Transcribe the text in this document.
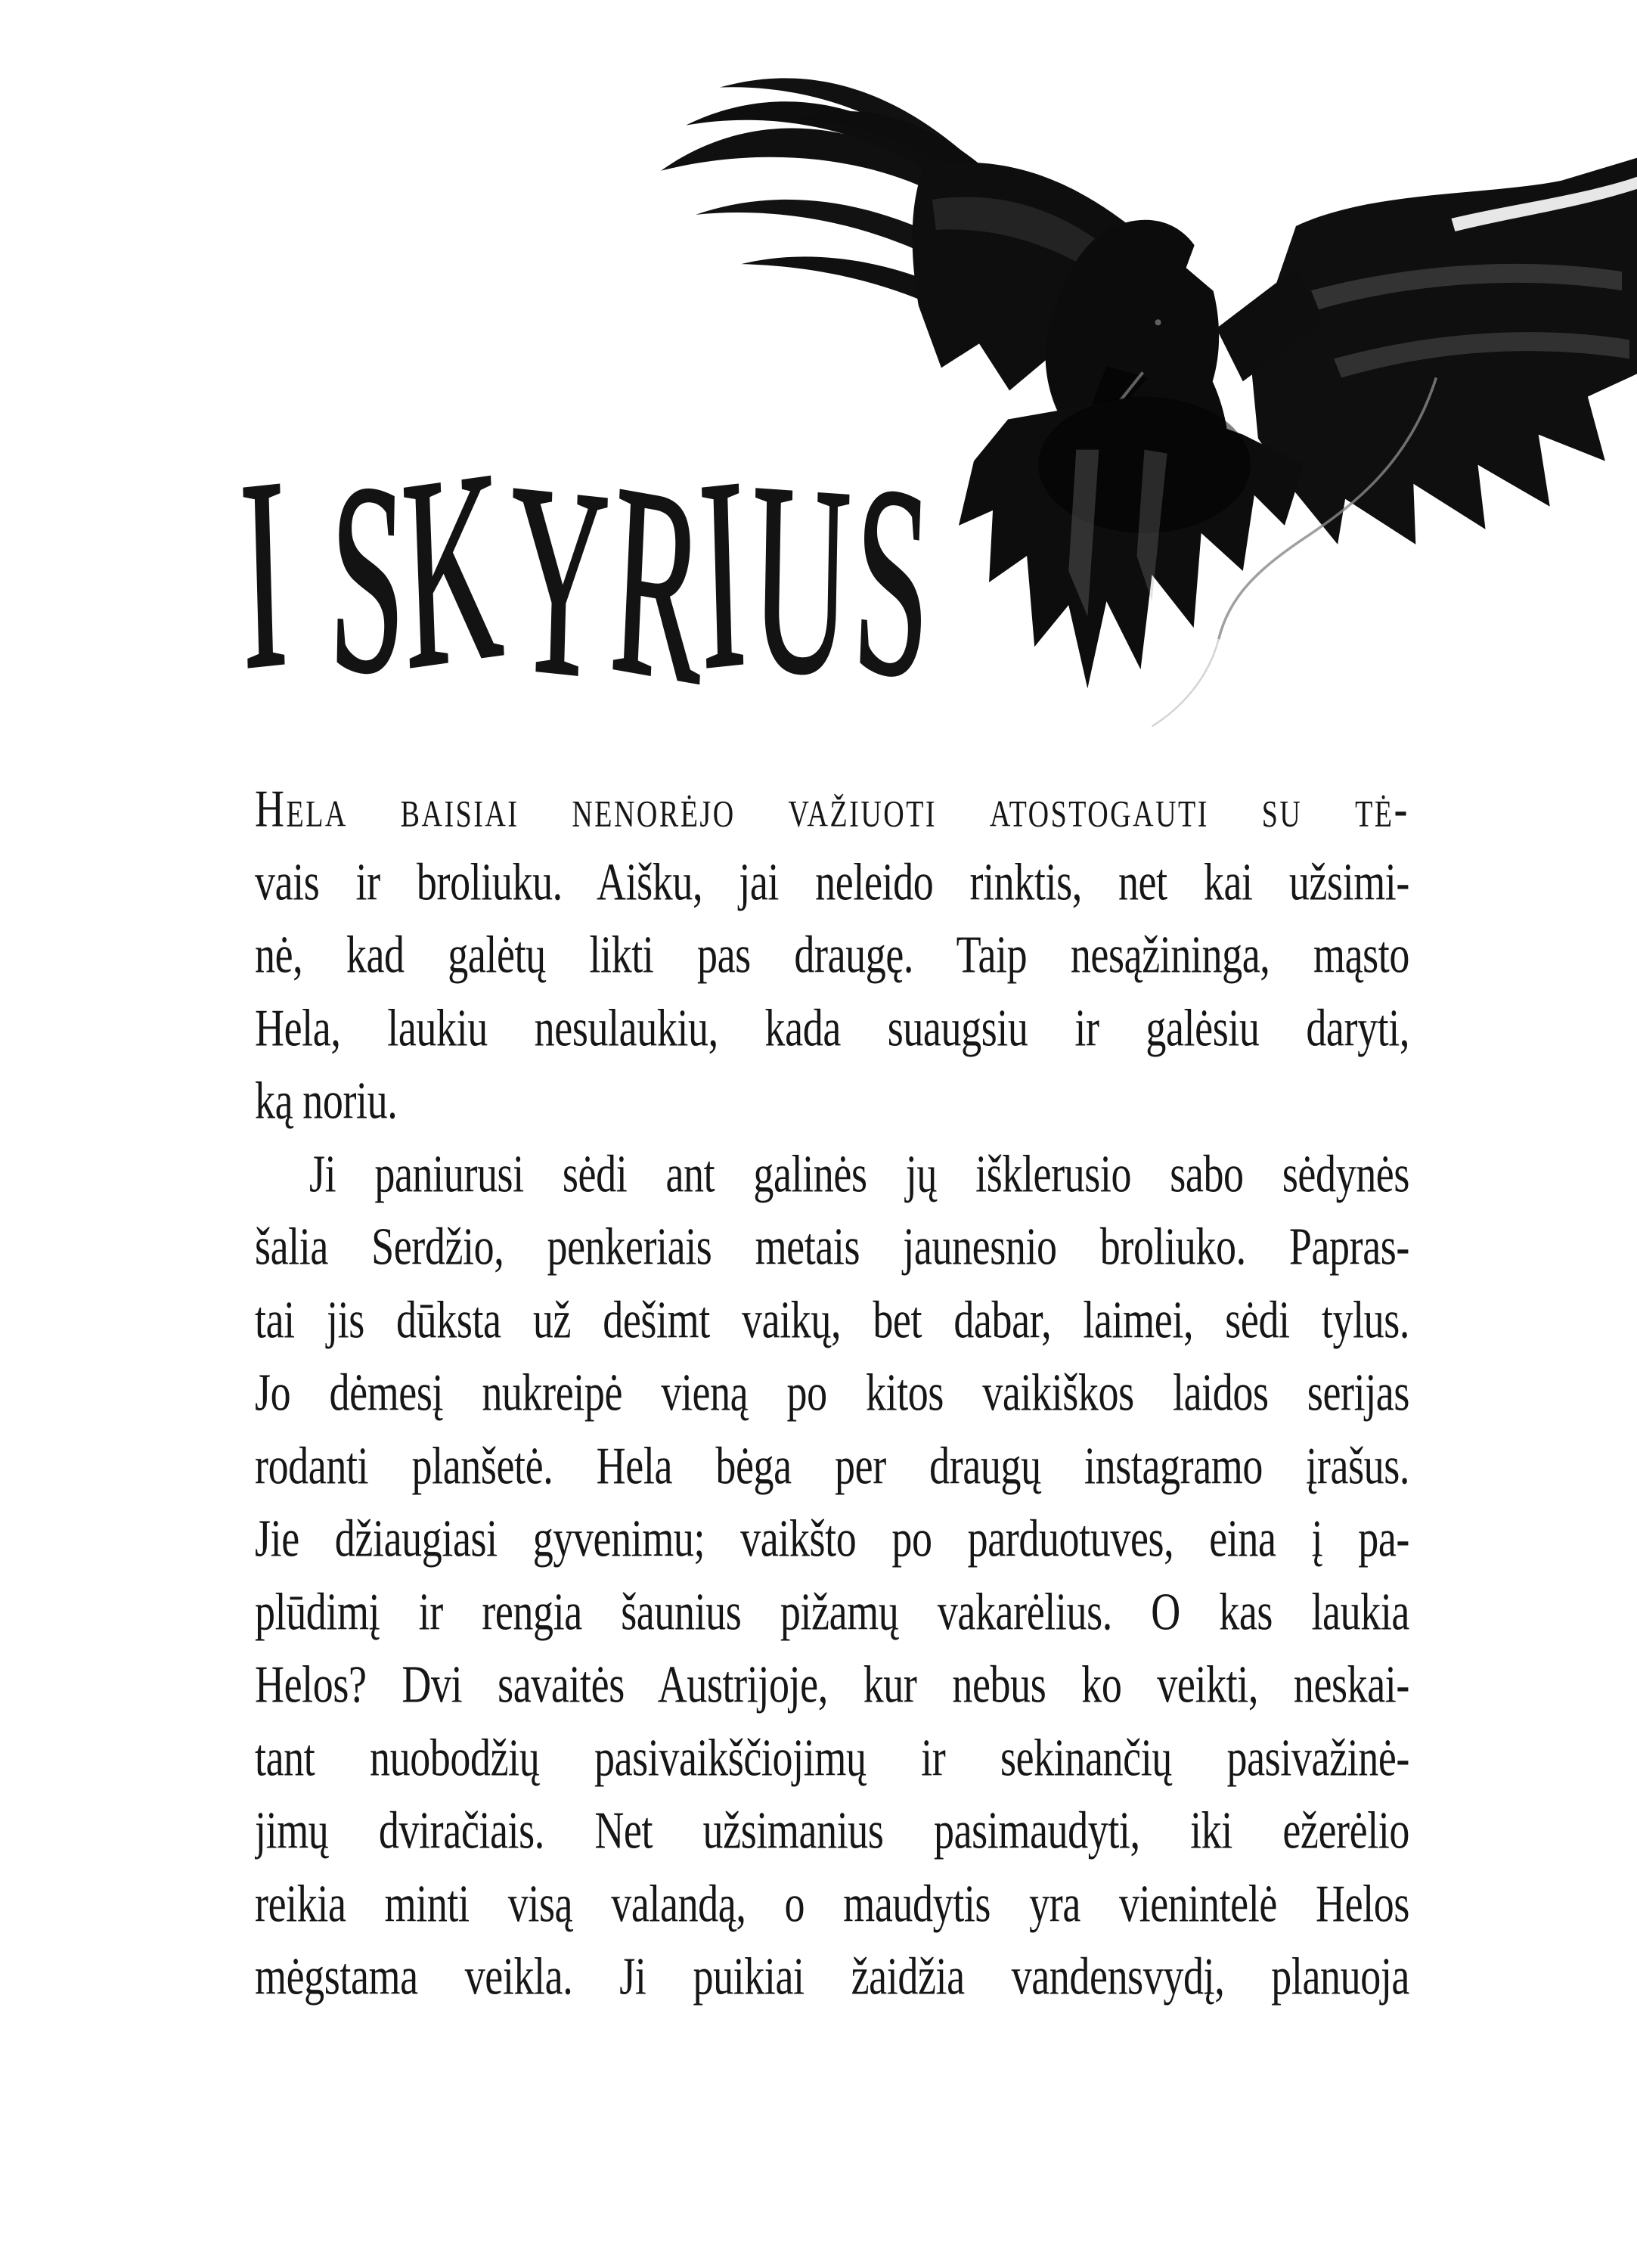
I SKYRIUS
Hela baisiai nenorėjo važiuoti atostogauti su tė-
vais ir broliuku. Aišku, jai neleido rinktis, net kai užsimi-
nė, kad galėtų likti pas draugę. Taip nesąžininga, mąsto
Hela, laukiu nesulaukiu, kada suaugsiu ir galėsiu daryti,
ką noriu.
Ji paniurusi sėdi ant galinės jų išklerusio sabo sėdynės
šalia Serdžio, penkeriais metais jaunesnio broliuko. Papras-
tai jis dūksta už dešimt vaikų, bet dabar, laimei, sėdi tylus.
Jo dėmesį nukreipė vieną po kitos vaikiškos laidos serijas
rodanti planšetė. Hela bėga per draugų instagramo įrašus.
Jie džiaugiasi gyvenimu; vaikšto po parduotuves, eina į pa-
plūdimį ir rengia šaunius pižamų vakarėlius. O kas laukia
Helos? Dvi savaitės Austrijoje, kur nebus ko veikti, neskai-
tant nuobodžių pasivaikščiojimų ir sekinančių pasivažinė-
jimų dviračiais. Net užsimanius pasimaudyti, iki ežerėlio
reikia minti visą valandą, o maudytis yra vienintelė Helos
mėgstama veikla. Ji puikiai žaidžia vandensvydį, planuoja
